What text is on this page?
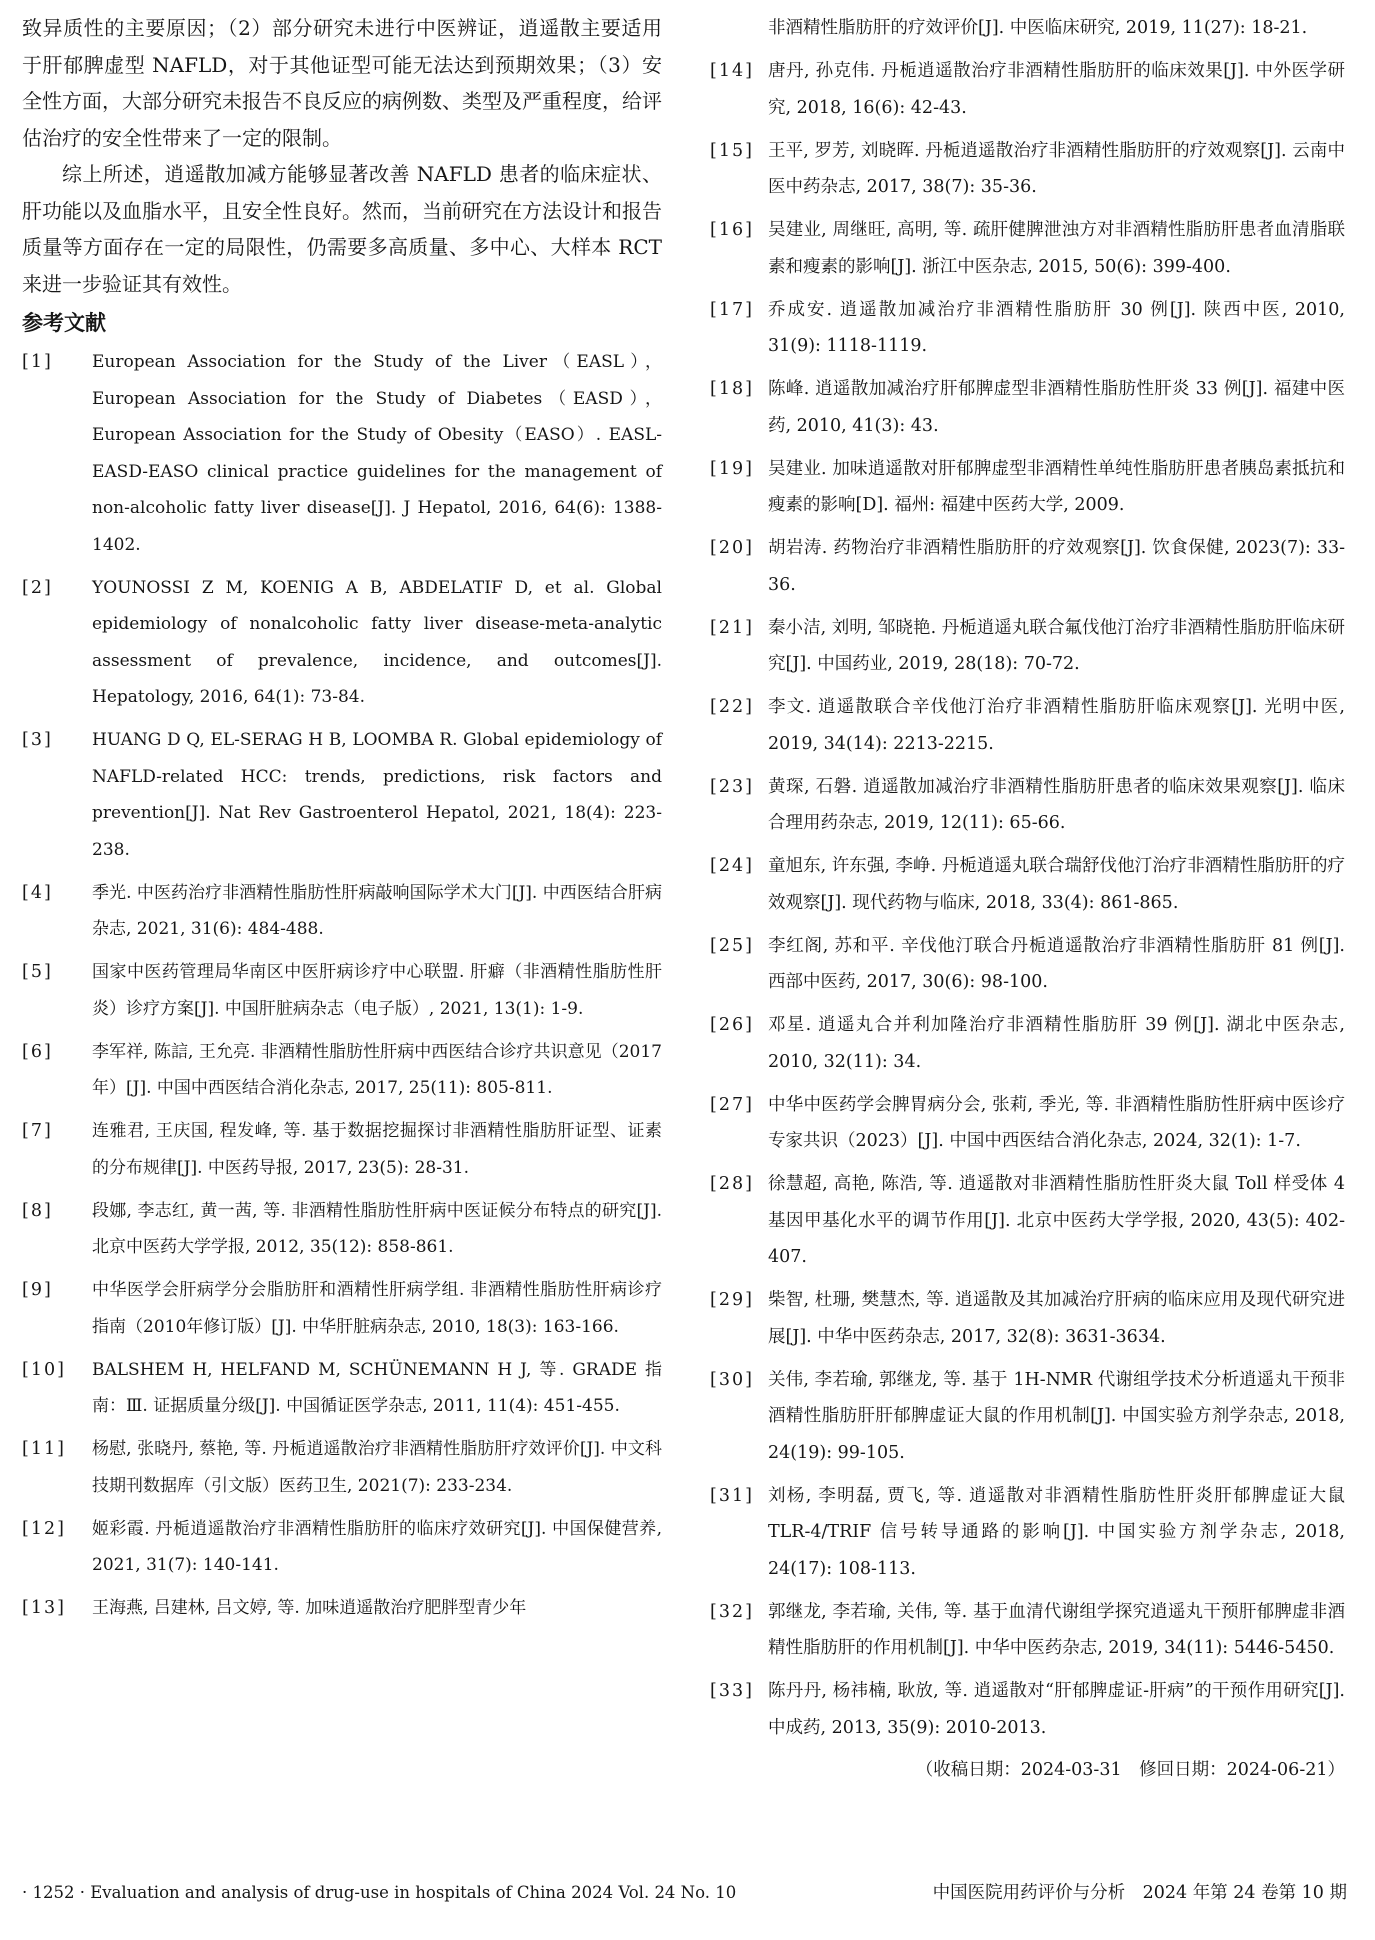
致异质性的主要原因；（2）部分研究未进行中医辨证，逍遥散主要适用于肝郁脾虚型 NAFLD，对于其他证型可能无法达到预期效果；（3）安全性方面，大部分研究未报告不良反应的病例数、类型及严重程度，给评估治疗的安全性带来了一定的限制。

综上所述，逍遥散加减方能够显著改善 NAFLD 患者的临床症状、肝功能以及血脂水平，且安全性良好。然而，当前研究在方法设计和报告质量等方面存在一定的局限性，仍需要多高质量、多中心、大样本 RCT 来进一步验证其有效性。

参考文献
[1]	European Association for the Study of the Liver（EASL），European Association for the Study of Diabetes（EASD），European Association for the Study of Obesity（EASO）. EASL-EASD-EASO clinical practice guidelines for the management of non-alcoholic fatty liver disease[J]. J Hepatol, 2016, 64(6): 1388-1402.
[2]	YOUNOSSI Z M, KOENIG A B, ABDELATIF D, et al. Global epidemiology of nonalcoholic fatty liver disease-meta-analytic assessment of prevalence, incidence, and outcomes[J]. Hepatology, 2016, 64(1): 73-84.
[3]	HUANG D Q, EL-SERAG H B, LOOMBA R. Global epidemiology of NAFLD-related HCC: trends, predictions, risk factors and prevention[J]. Nat Rev Gastroenterol Hepatol, 2021, 18(4): 223-238.
[4]	季光. 中医药治疗非酒精性脂肪性肝病敲响国际学术大门[J]. 中西医结合肝病杂志, 2021, 31(6): 484-488.
[5]	国家中医药管理局华南区中医肝病诊疗中心联盟. 肝癖（非酒精性脂肪性肝炎）诊疗方案[J]. 中国肝脏病杂志（电子版）, 2021, 13(1): 1-9.
[6]	李军祥, 陈誩, 王允亮. 非酒精性脂肪性肝病中西医结合诊疗共识意见（2017年）[J]. 中国中西医结合消化杂志, 2017, 25(11): 805-811.
[7]	连雅君, 王庆国, 程发峰, 等. 基于数据挖掘探讨非酒精性脂肪肝证型、证素的分布规律[J]. 中医药导报, 2017, 23(5): 28-31.
[8]	段娜, 李志红, 黄一茜, 等. 非酒精性脂肪性肝病中医证候分布特点的研究[J]. 北京中医药大学学报, 2012, 35(12): 858-861.
[9]	中华医学会肝病学分会脂肪肝和酒精性肝病学组. 非酒精性脂肪性肝病诊疗指南（2010年修订版）[J]. 中华肝脏病杂志, 2010, 18(3): 163-166.
[10]	BALSHEM H, HELFAND M, SCHÜNEMANN H J, 等. GRADE 指南：Ⅲ. 证据质量分级[J]. 中国循证医学杂志, 2011, 11(4): 451-455.
[11]	杨慰, 张晓丹, 蔡艳, 等. 丹栀逍遥散治疗非酒精性脂肪肝疗效评价[J]. 中文科技期刊数据库（引文版）医药卫生, 2021(7): 233-234.
[12]	姬彩霞. 丹栀逍遥散治疗非酒精性脂肪肝的临床疗效研究[J]. 中国保健营养, 2021, 31(7): 140-141.
[13]	王海燕, 吕建林, 吕文婷, 等. 加味逍遥散治疗肥胖型青少年
非酒精性脂肪肝的疗效评价[J]. 中医临床研究, 2019, 11(27): 18-21.
[14] 唐丹, 孙克伟. 丹栀逍遥散治疗非酒精性脂肪肝的临床效果[J]. 中外医学研究, 2018, 16(6): 42-43.
[15] 王平, 罗芳, 刘晓晖. 丹栀逍遥散治疗非酒精性脂肪肝的疗效观察[J]. 云南中医中药杂志, 2017, 38(7): 35-36.
[16] 吴建业, 周继旺, 高明, 等. 疏肝健脾泄浊方对非酒精性脂肪肝患者血清脂联素和瘦素的影响[J]. 浙江中医杂志, 2015, 50(6): 399-400.
[17] 乔成安. 逍遥散加减治疗非酒精性脂肪肝 30 例[J]. 陕西中医, 2010, 31(9): 1118-1119.
[18] 陈峰. 逍遥散加减治疗肝郁脾虚型非酒精性脂肪性肝炎 33 例[J]. 福建中医药, 2010, 41(3): 43.
[19] 吴建业. 加味逍遥散对肝郁脾虚型非酒精性单纯性脂肪肝患者胰岛素抵抗和瘦素的影响[D]. 福州: 福建中医药大学, 2009.
[20] 胡岩涛. 药物治疗非酒精性脂肪肝的疗效观察[J]. 饮食保健, 2023(7): 33-36.
[21] 秦小洁, 刘明, 邹晓艳. 丹栀逍遥丸联合氟伐他汀治疗非酒精性脂肪肝临床研究[J]. 中国药业, 2019, 28(18): 70-72.
[22] 李文. 逍遥散联合辛伐他汀治疗非酒精性脂肪肝临床观察[J]. 光明中医, 2019, 34(14): 2213-2215.
[23] 黄琛, 石磐. 逍遥散加减治疗非酒精性脂肪肝患者的临床效果观察[J]. 临床合理用药杂志, 2019, 12(11): 65-66.
[24] 童旭东, 许东强, 李峥. 丹栀逍遥丸联合瑞舒伐他汀治疗非酒精性脂肪肝的疗效观察[J]. 现代药物与临床, 2018, 33(4): 861-865.
[25] 李红阁, 苏和平. 辛伐他汀联合丹栀逍遥散治疗非酒精性脂肪肝 81 例[J]. 西部中医药, 2017, 30(6): 98-100.
[26] 邓星. 逍遥丸合并利加隆治疗非酒精性脂肪肝 39 例[J]. 湖北中医杂志, 2010, 32(11): 34.
[27] 中华中医药学会脾胃病分会, 张莉, 季光, 等. 非酒精性脂肪性肝病中医诊疗专家共识（2023）[J]. 中国中西医结合消化杂志, 2024, 32(1): 1-7.
[28] 徐慧超, 高艳, 陈浩, 等. 逍遥散对非酒精性脂肪性肝炎大鼠 Toll 样受体 4 基因甲基化水平的调节作用[J]. 北京中医药大学学报, 2020, 43(5): 402-407.
[29] 柴智, 杜珊, 樊慧杰, 等. 逍遥散及其加减治疗肝病的临床应用及现代研究进展[J]. 中华中医药杂志, 2017, 32(8): 3631-3634.
[30] 关伟, 李若瑜, 郭继龙, 等. 基于 1H-NMR 代谢组学技术分析逍遥丸干预非酒精性脂肪肝肝郁脾虚证大鼠的作用机制[J]. 中国实验方剂学杂志, 2018, 24(19): 99-105.
[31] 刘杨, 李明磊, 贾飞, 等. 逍遥散对非酒精性脂肪性肝炎肝郁脾虚证大鼠 TLR-4/TRIF 信号转导通路的影响[J]. 中国实验方剂学杂志, 2018, 24(17): 108-113.
[32] 郭继龙, 李若瑜, 关伟, 等. 基于血清代谢组学探究逍遥丸干预肝郁脾虚非酒精性脂肪肝的作用机制[J]. 中华中医药杂志, 2019, 34(11): 5446-5450.
[33] 陈丹丹, 杨祎楠, 耿放, 等. 逍遥散对“肝郁脾虚证-肝病”的干预作用研究[J]. 中成药, 2013, 35(9): 2010-2013.
（收稿日期：2024-03-31　修回日期：2024-06-21）
· 1252 · Evaluation and analysis of drug-use in hospitals of China 2024 Vol. 24 No. 10	中国医院用药评价与分析　2024 年第 24 卷第 10 期
